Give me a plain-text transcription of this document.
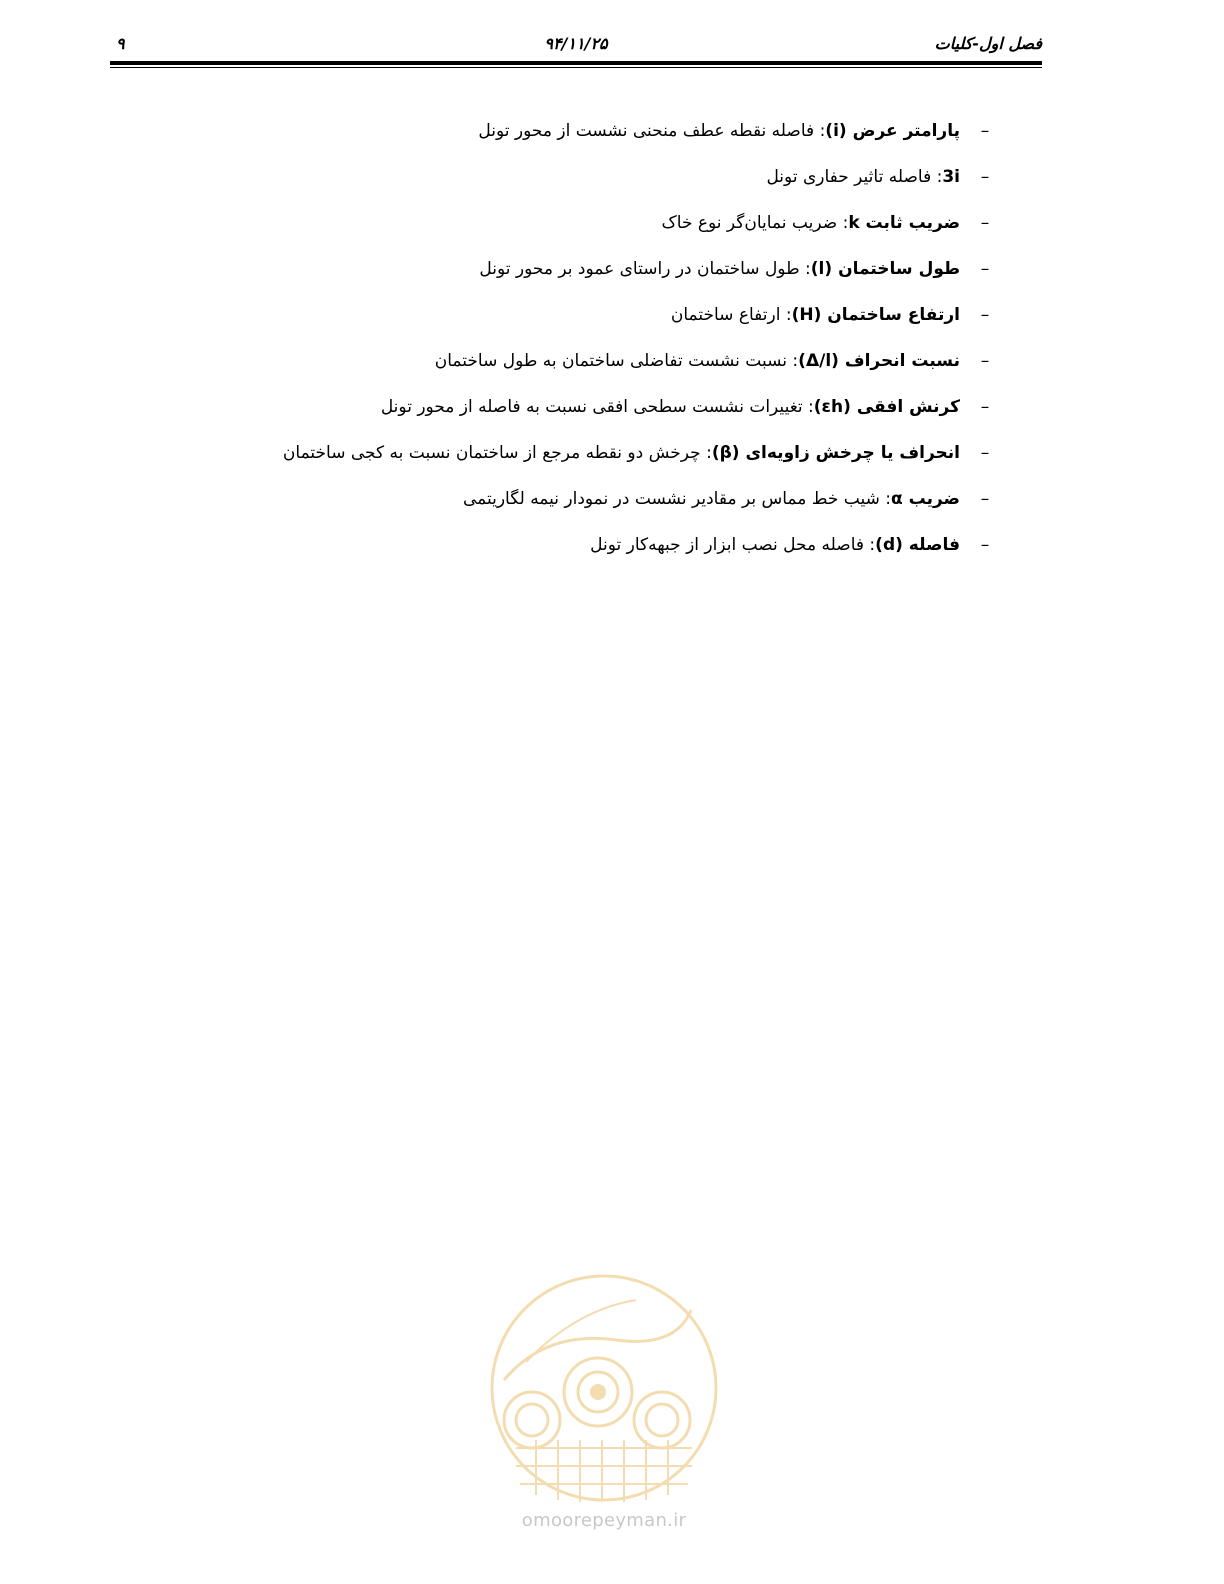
فصل اول-کلیات
۹۴/۱۱/۲۵
۹
–پارامتر عرض (i): فاصله نقطه عطف منحنی نشست از محور تونل
–3i: فاصله تاثیر حفاری تونل
–ضریب ثابت k: ضریب نمایان‌گر نوع خاک
–طول ساختمان (l): طول ساختمان در راستای عمود بر محور تونل
–ارتفاع ساختمان (H): ارتفاع ساختمان
–نسبت انحراف (Δ/l): نسبت نشست تفاضلی ساختمان به طول ساختمان
–کرنش افقی (εh): تغییرات نشست سطحی افقی نسبت به فاصله از محور تونل
–انحراف یا چرخش زاویه‌ای (β): چرخش دو نقطه مرجع از ساختمان نسبت به کجی ساختمان
–ضریب α: شیب خط مماس بر مقادیر نشست در نمودار نیمه لگاریتمی
–فاصله (d): فاصله محل نصب ابزار از جبهه‌کار تونل
omoorepeyman.ir
